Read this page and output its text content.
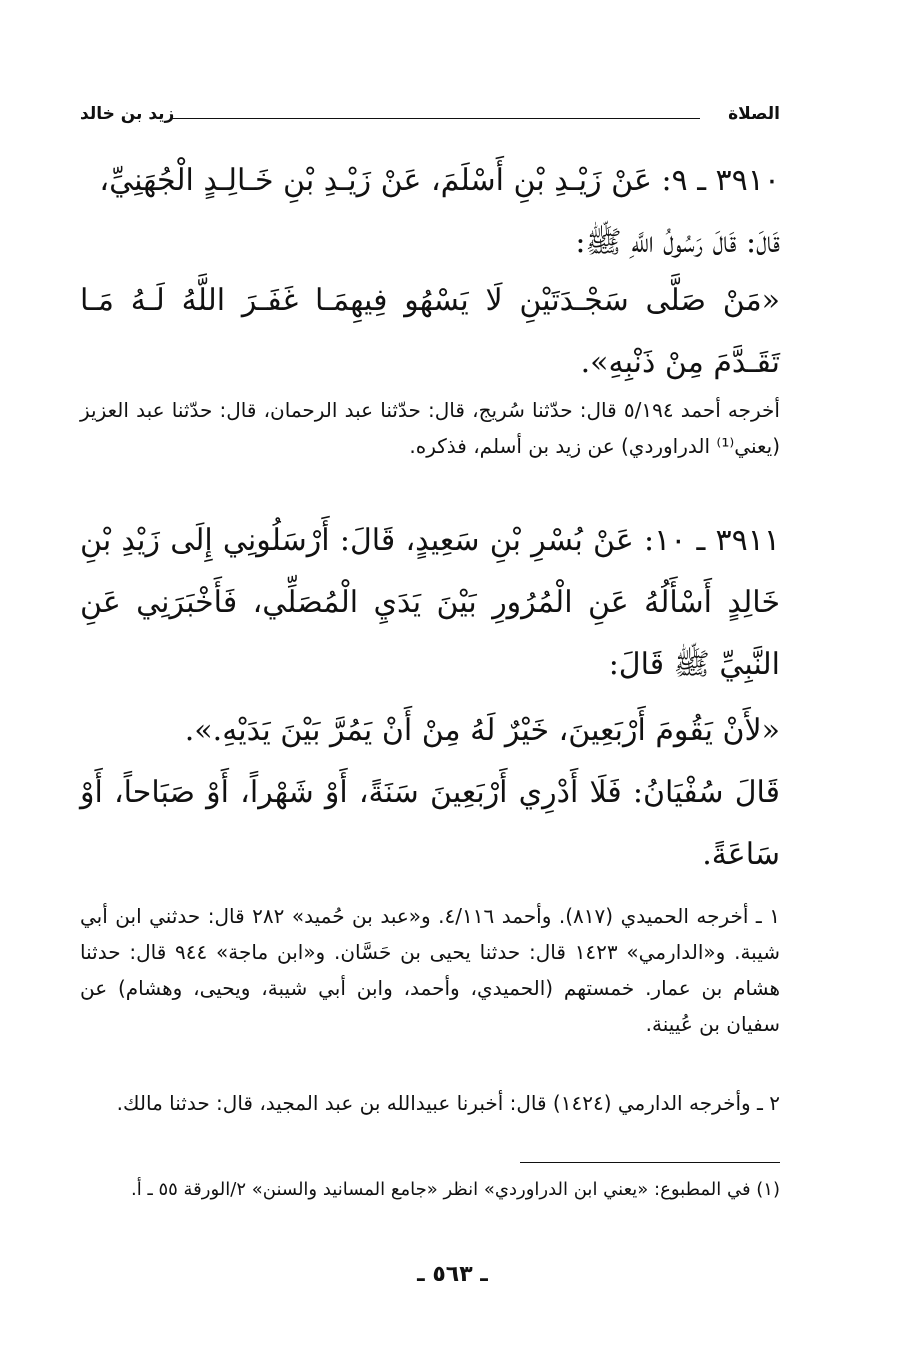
الصلاة
زيد بن خالد

٣٩١٠ ـ ٩: عَنْ زَيْـدِ بْنِ أَسْلَمَ، عَنْ زَيْـدِ بْنِ خَـالِـدٍ الْجُهَنِيِّ،

قَالَ: قَالَ رَسُولُ اللَّهِ ﷺ:

«مَنْ صَلَّى سَجْـدَتَيْنِ لَا يَسْهُو فِيهِمَـا غَفَـرَ اللَّهُ لَـهُ مَـا تَقَـدَّمَ مِنْ ذَنْبِهِ».
أخرجه أحمد ٥/١٩٤ قال: حدّثنا سُريج، قال: حدّثنا عبد الرحمان، قال: حدّثنا عبد العزيز (يعني⁽¹⁾ الدراوردي) عن زيد بن أسلم، فذكره.
٣٩١١ ـ ١٠: عَنْ بُسْرِ بْنِ سَعِيدٍ، قَالَ: أَرْسَلُونِي إِلَى زَيْدِ بْنِ خَالِدٍ أَسْأَلُهُ عَنِ الْمُرُورِ بَيْنَ يَدَيِ الْمُصَلِّي، فَأَخْبَرَنِي عَنِ النَّبِيِّ ﷺ قَالَ:
«لأَنْ يَقُومَ أَرْبَعِينَ، خَيْرٌ لَهُ مِنْ أَنْ يَمُرَّ بَيْنَ يَدَيْهِ.».
قَالَ سُفْيَانُ: فَلَا أَدْرِي أَرْبَعِينَ سَنَةً، أَوْ شَهْراً، أَوْ صَبَاحاً، أَوْ سَاعَةً.
١ ـ أخرجه الحميدي (٨١٧). وأحمد ٤/١١٦. و«عبد بن حُميد» ٢٨٢ قال: حدثني ابن أبي شيبة. و«الدارمي» ١٤٢٣ قال: حدثنا يحيى بن حَسَّان. و«ابن ماجة» ٩٤٤ قال: حدثنا هشام بن عمار. خمستهم (الحميدي، وأحمد، وابن أبي شيبة، ويحيى، وهشام) عن سفيان بن عُيينة.
٢ ـ وأخرجه الدارمي (١٤٢٤) قال: أخبرنا عبيدالله بن عبد المجيد، قال: حدثنا مالك.
(١) في المطبوع: «يعني ابن الدراوردي» انظر «جامع المسانيد والسنن» ٢/الورقة ٥٥ ـ أ.
ـ ٥٦٣ ـ
